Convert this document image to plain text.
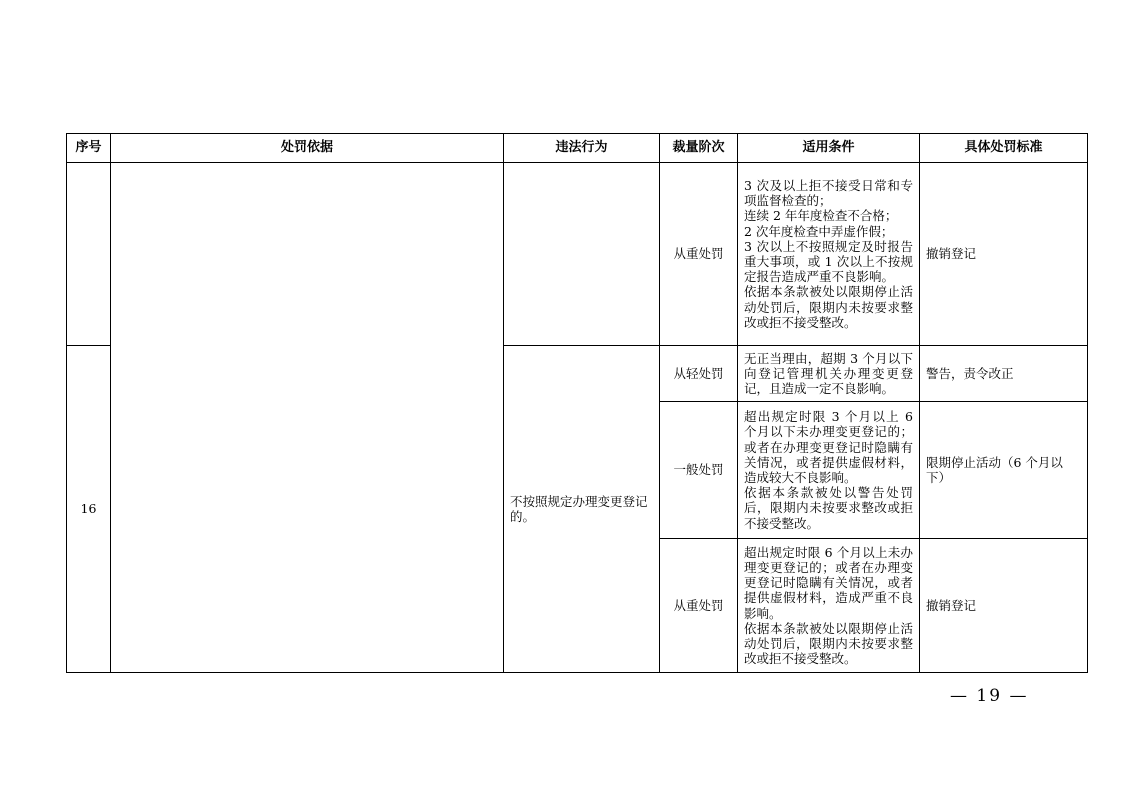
序号	处罚依据	违法行为	裁量阶次	适用条件	具体处罚标准
			从重处罚	3 次及以上拒不接受日常和专项监督检查的；
连续 2 年年度检查不合格；
2 次年度检查中弄虚作假；
3 次以上不按照规定及时报告重大事项，或 1 次以上不按规定报告造成严重不良影响。
依据本条款被处以限期停止活动处罚后，限期内未按要求整改或拒不接受整改。	撤销登记
16		不按照规定办理变更登记的。	从轻处罚	无正当理由，超期 3 个月以下向登记管理机关办理变更登记，且造成一定不良影响。	警告，责令改正
			一般处罚	超出规定时限 3 个月以上 6 个月以下未办理变更登记的；或者在办理变更登记时隐瞒有关情况，或者提供虚假材料，造成较大不良影响。
依据本条款被处以警告处罚后，限期内未按要求整改或拒不接受整改。	限期停止活动（6 个月以下）
			从重处罚	超出规定时限 6 个月以上未办理变更登记的；或者在办理变更登记时隐瞒有关情况，或者提供虚假材料，造成严重不良影响。
依据本条款被处以限期停止活动处罚后，限期内未按要求整改或拒不接受整改。	撤销登记
— 19 —
